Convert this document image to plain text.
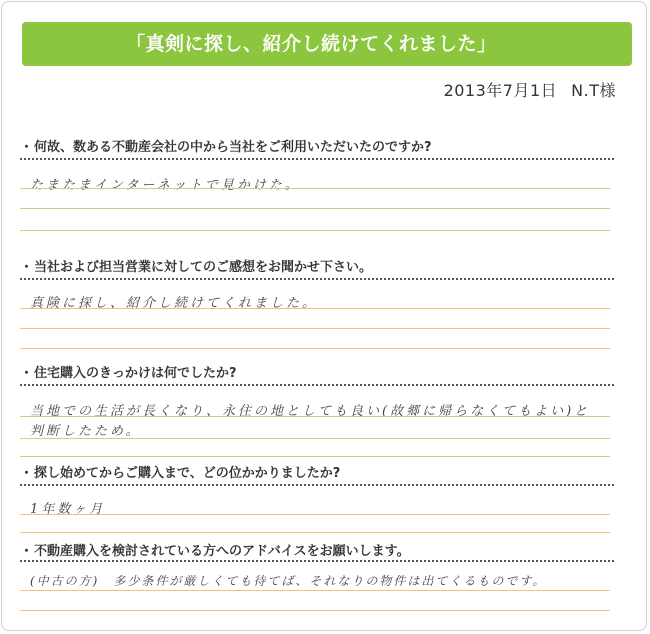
「真剣に探し、紹介し続けてくれました」
2013年7月1日 N.T様
・何故、数ある不動産会社の中から当社をご利用いただいたのですか?
たまたまインターネットで見かけた。
・当社および担当営業に対してのご感想をお聞かせ下さい。
真険に探し、紹介し続けてくれました。
・住宅購入のきっかけは何でしたか?
当地での生活が長くなり、永住の地としても良い(故郷に帰らなくてもよい)と
判断したため。
・探し始めてからご購入まで、どの位かかりましたか?
1年数ヶ月
・不動産購入を検討されている方へのアドバイスをお願いします。
(中古の方)　多少条件が厳しくても待てば、それなりの物件は出てくるものです。
